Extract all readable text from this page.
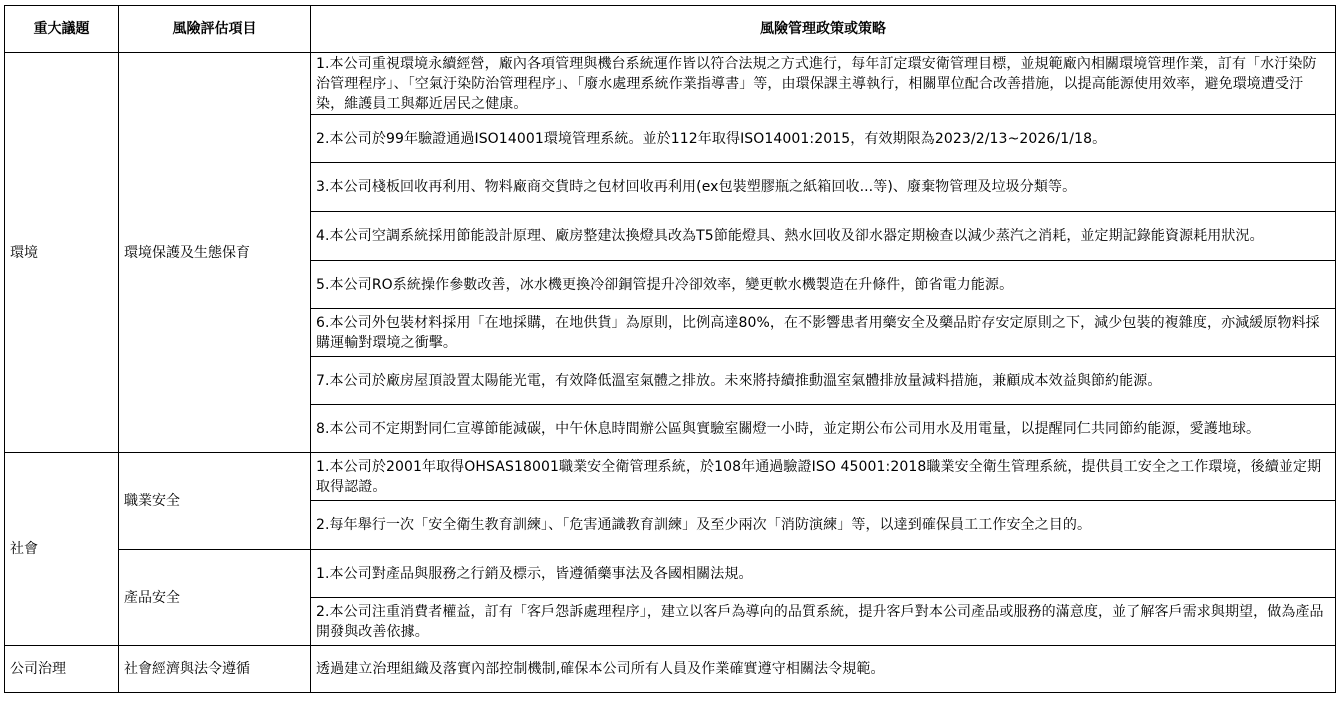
重大議題	風險評估項目	風險管理政策或策略
環境	環境保護及生態保育	1.本公司重視環境永續經營，廠內各項管理與機台系統運作皆以符合法規之方式進行，每年訂定環安衛管理目標，並規範廠內相關環境管理作業，訂有「水汙染防治管理程序」、「空氣汙染防治管理程序」、「廢水處理系統作業指導書」等，由環保課主導執行，相關單位配合改善措施，以提高能源使用效率，避免環境遭受汙染，維護員工與鄰近居民之健康。
		2.本公司於99年驗證通過ISO14001環境管理系統。並於112年取得ISO14001:2015，有效期限為2023/2/13~2026/1/18。
		3.本公司棧板回收再利用、物料廠商交貨時之包材回收再利用(ex包裝塑膠瓶之紙箱回收...等)、廢棄物管理及垃圾分類等。
		4.本公司空調系統採用節能設計原理、廠房整建汰換燈具改為T5節能燈具、熱水回收及卻水器定期檢查以減少蒸汽之消耗，並定期記錄能資源耗用狀況。
		5.本公司RO系統操作參數改善，冰水機更換冷卻銅管提升冷卻效率，變更軟水機製造在升條件，節省電力能源。
		6.本公司外包裝材料採用「在地採購，在地供貨」為原則，比例高達80%，在不影響患者用藥安全及藥品貯存安定原則之下，減少包裝的複雜度，亦減緩原物料採購運輸對環境之衝擊。
		7.本公司於廠房屋頂設置太陽能光電，有效降低溫室氣體之排放。未來將持續推動溫室氣體排放量減料措施，兼顧成本效益與節約能源。
		8.本公司不定期對同仁宣導節能減碳，中午休息時間辦公區與實驗室關燈一小時，並定期公布公司用水及用電量，以提醒同仁共同節約能源，愛護地球。
社會	職業安全	1.本公司於2001年取得OHSAS18001職業安全衛管理系統，於108年通過驗證ISO 45001:2018職業安全衛生管理系統，提供員工安全之工作環境，後續並定期取得認證。
		2.每年舉行一次「安全衛生教育訓練」、「危害通識教育訓練」及至少兩次「消防演練」等，以達到確保員工工作安全之目的。
	產品安全	1.本公司對產品與服務之行銷及標示，皆遵循藥事法及各國相關法規。
		2.本公司注重消費者權益，訂有「客戶怨訴處理程序」，建立以客戶為導向的品質系統，提升客戶對本公司產品或服務的滿意度，並了解客戶需求與期望，做為產品開發與改善依據。
公司治理	社會經濟與法令遵循	透過建立治理組織及落實內部控制機制,確保本公司所有人員及作業確實遵守相關法令規範。
